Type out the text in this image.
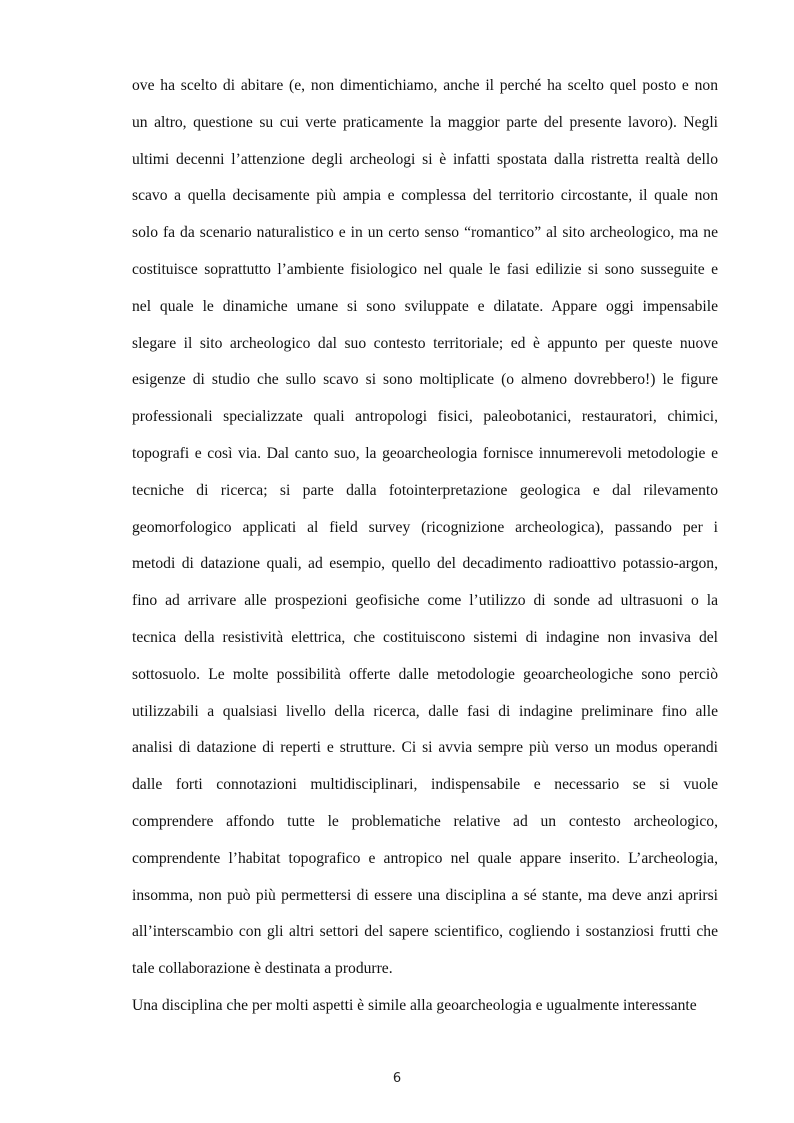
ove ha scelto di abitare (e, non dimentichiamo, anche il perché ha scelto quel posto e non
un altro, questione su cui verte praticamente la maggior parte del presente lavoro). Negli
ultimi decenni l’attenzione degli archeologi si è infatti spostata dalla ristretta realtà dello
scavo a quella decisamente più ampia e complessa del territorio circostante, il quale non
solo fa da scenario naturalistico e in un certo senso “romantico” al sito archeologico, ma ne
costituisce soprattutto l’ambiente fisiologico nel quale le fasi edilizie si sono susseguite e
nel quale le dinamiche umane si sono sviluppate e dilatate. Appare oggi impensabile
slegare il sito archeologico dal suo contesto territoriale; ed è appunto per queste nuove
esigenze di studio che sullo scavo si sono moltiplicate (o almeno dovrebbero!) le figure
professionali specializzate quali antropologi fisici, paleobotanici, restauratori, chimici,
topografi e così via. Dal canto suo, la geoarcheologia fornisce innumerevoli metodologie e
tecniche di ricerca; si parte dalla fotointerpretazione geologica e dal rilevamento
geomorfologico applicati al field survey (ricognizione archeologica), passando per i
metodi di datazione quali, ad esempio, quello del decadimento radioattivo potassio-argon,
fino ad arrivare alle prospezioni geofisiche come l’utilizzo di sonde ad ultrasuoni o la
tecnica della resistività elettrica, che costituiscono sistemi di indagine non invasiva del
sottosuolo. Le molte possibilità offerte dalle metodologie geoarcheologiche sono perciò
utilizzabili a qualsiasi livello della ricerca, dalle fasi di indagine preliminare fino alle
analisi di datazione di reperti e strutture. Ci si avvia sempre più verso un modus operandi
dalle forti connotazioni multidisciplinari, indispensabile e necessario se si vuole
comprendere affondo tutte le problematiche relative ad un contesto archeologico,
comprendente l’habitat topografico e antropico nel quale appare inserito. L’archeologia,
insomma, non può più permettersi di essere una disciplina a sé stante, ma deve anzi aprirsi
all’interscambio con gli altri settori del sapere scientifico, cogliendo i sostanziosi frutti che
tale collaborazione è destinata a produrre.
Una disciplina che per molti aspetti è simile alla geoarcheologia e ugualmente interessante
6
